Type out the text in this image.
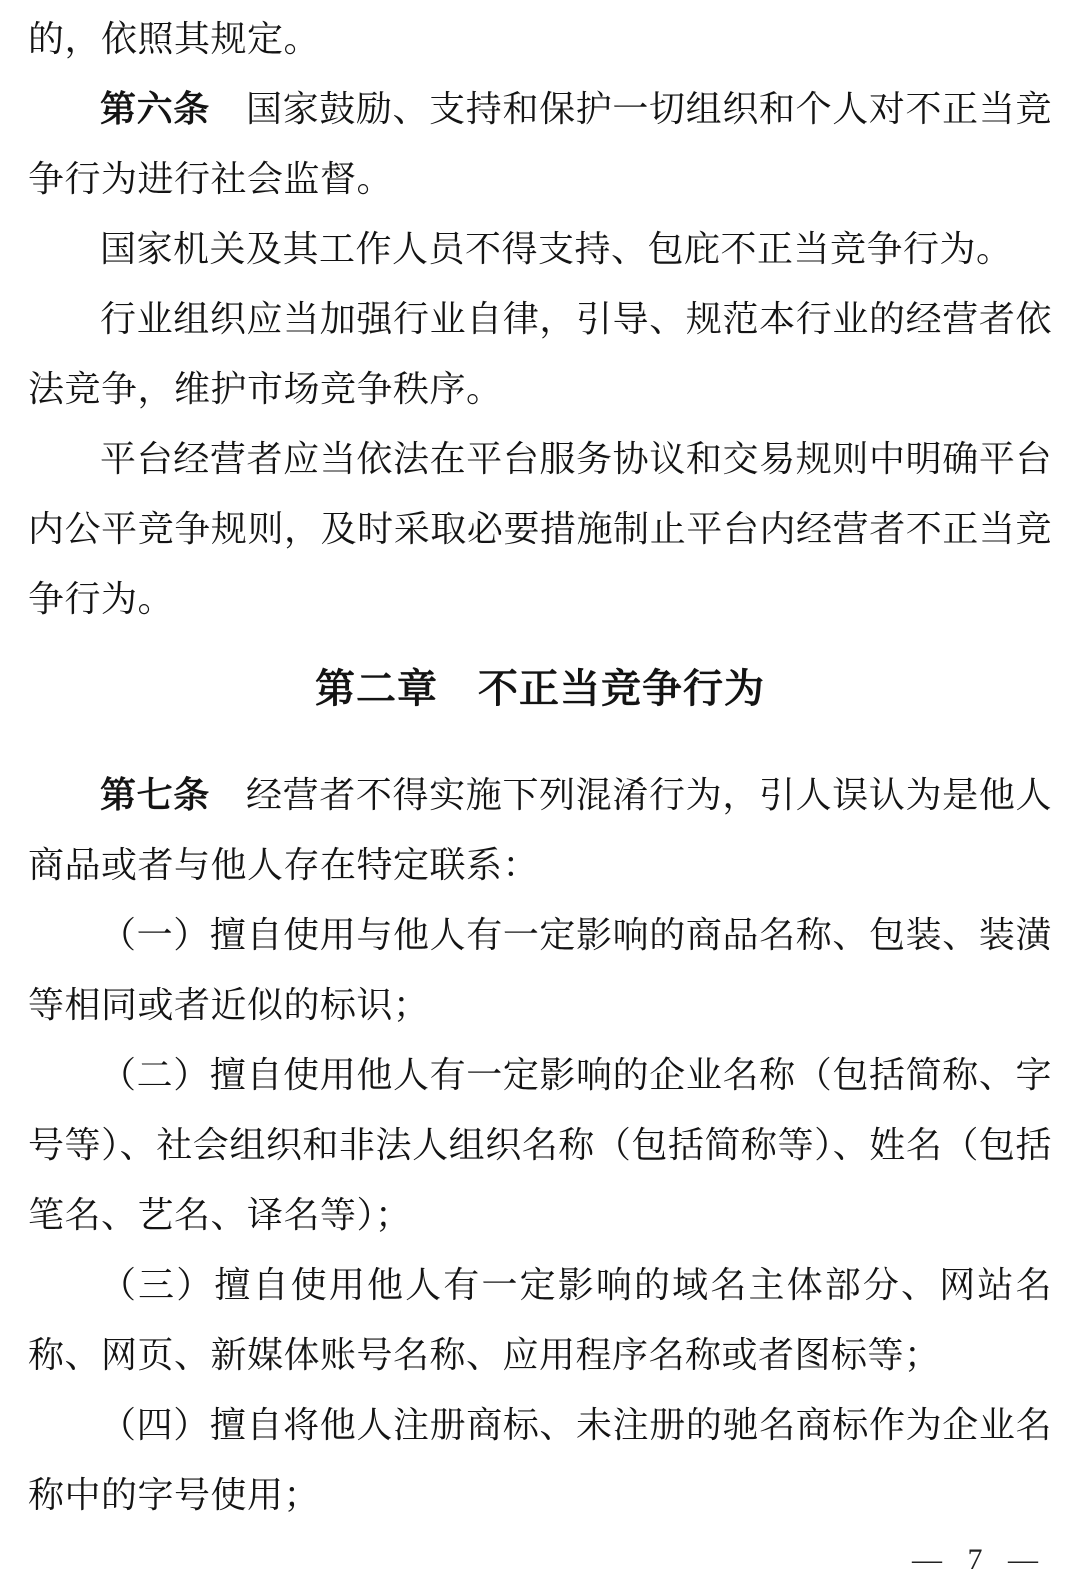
的，依照其规定。

第六条 国家鼓励、支持和保护一切组织和个人对不正当竞争行为进行社会监督。

国家机关及其工作人员不得支持、包庇不正当竞争行为。

行业组织应当加强行业自律，引导、规范本行业的经营者依法竞争，维护市场竞争秩序。

平台经营者应当依法在平台服务协议和交易规则中明确平台内公平竞争规则，及时采取必要措施制止平台内经营者不正当竞争行为。

第二章 不正当竞争行为

第七条 经营者不得实施下列混淆行为，引人误认为是他人商品或者与他人存在特定联系：

（一）擅自使用与他人有一定影响的商品名称、包装、装潢等相同或者近似的标识；

（二）擅自使用他人有一定影响的企业名称（包括简称、字号等）、社会组织和非法人组织名称（包括简称等）、姓名（包括笔名、艺名、译名等）；

（三）擅自使用他人有一定影响的域名主体部分、网站名称、网页、新媒体账号名称、应用程序名称或者图标等；

（四）擅自将他人注册商标、未注册的驰名商标作为企业名称中的字号使用；

— 7 —
